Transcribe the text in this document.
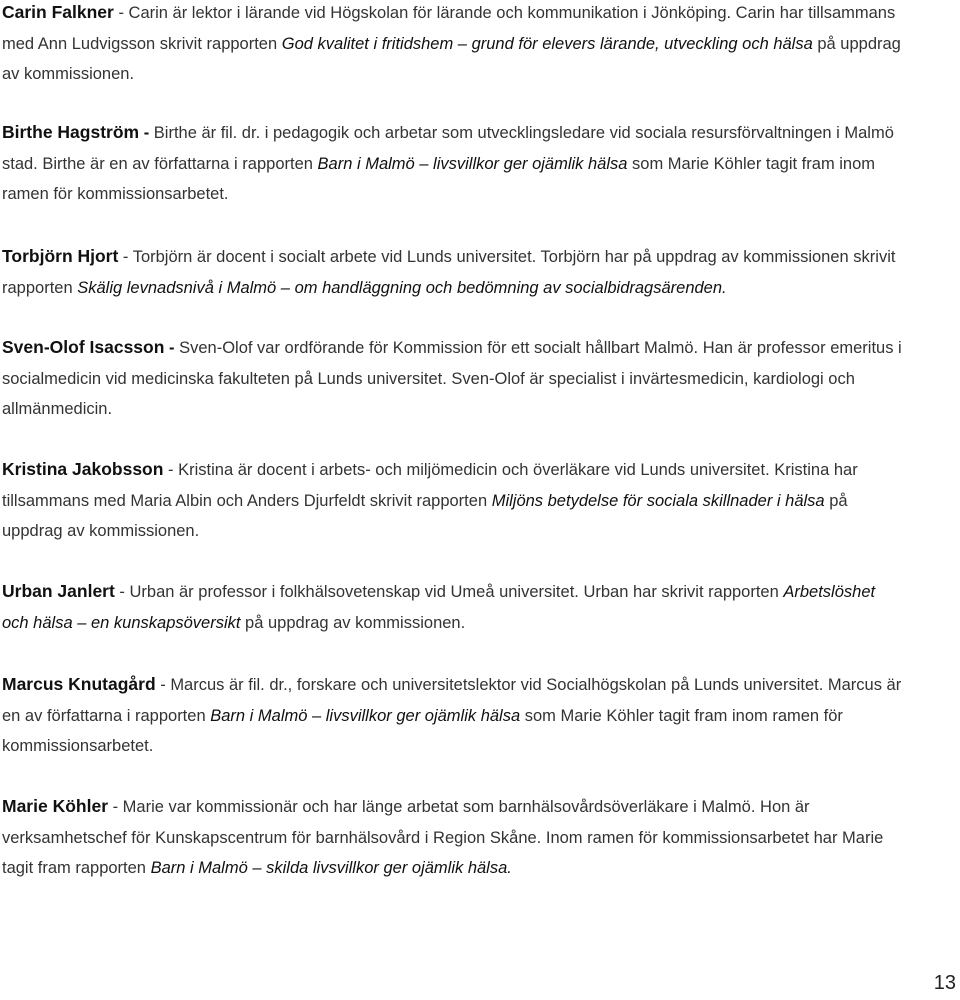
Carin Falkner - Carin är lektor i lärande vid Högskolan för lärande och kommunikation i Jönköping. Carin har tillsammans med Ann Ludvigsson skrivit rapporten God kvalitet i fritidshem – grund för elevers lärande, utveckling och hälsa på uppdrag av kommissionen.

Birthe Hagström - Birthe är fil. dr. i pedagogik och arbetar som utvecklingsledare vid sociala resursförvaltningen i Malmö stad. Birthe är en av författarna i rapporten Barn i Malmö – livsvillkor ger ojämlik hälsa som Marie Köhler tagit fram inom ramen för kommissionsarbetet.

Torbjörn Hjort - Torbjörn är docent i socialt arbete vid Lunds universitet. Torbjörn har på uppdrag av kommissionen skrivit rapporten Skälig levnadsnivå i Malmö – om handläggning och bedömning av socialbidragsärenden.

Sven-Olof Isacsson - Sven-Olof var ordförande för Kommission för ett socialt hållbart Malmö. Han är professor emeritus i socialmedicin vid medicinska fakulteten på Lunds universitet. Sven-Olof är specialist i invärtesmedicin, kardiologi och allmänmedicin.

Kristina Jakobsson - Kristina är docent i arbets- och miljömedicin och överläkare vid Lunds universitet. Kristina har tillsammans med Maria Albin och Anders Djurfeldt skrivit rapporten Miljöns betydelse för sociala skillnader i hälsa på uppdrag av kommissionen.

Urban Janlert - Urban är professor i folkhälsovetenskap vid Umeå universitet. Urban har skrivit rapporten Arbetslöshet och hälsa – en kunskapsöversikt på uppdrag av kommissionen.

Marcus Knutagård - Marcus är fil. dr., forskare och universitetslektor vid Socialhögskolan på Lunds universitet. Marcus är en av författarna i rapporten Barn i Malmö – livsvillkor ger ojämlik hälsa som Marie Köhler tagit fram inom ramen för kommissionsarbetet.

Marie Köhler - Marie var kommissionär och har länge arbetat som barnhälsovårdsöverläkare i Malmö. Hon är verksamhetschef för Kunskapscentrum för barnhälsovård i Region Skåne. Inom ramen för kommissionsarbetet har Marie tagit fram rapporten Barn i Malmö – skilda livsvillkor ger ojämlik hälsa.

13
